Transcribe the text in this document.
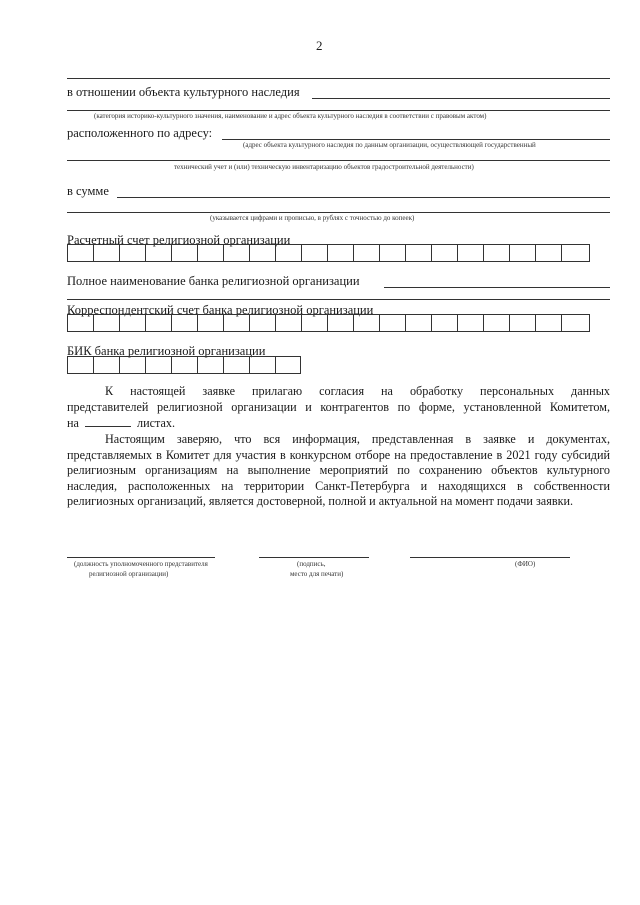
2
в отношении объекта культурного наследия
(категория историко-культурного значения, наименование и адрес объекта культурного наследия в соответствии с правовым актом)
расположенного по адресу:
(адрес объекта культурного наследия по данным организации, осуществляющей государственный
технический учет и (или) техническую инвентаризацию объектов градостроительной деятельности)
в сумме
(указывается цифрами и прописью, в рублях с точностью до копеек)
Расчетный счет религиозной организации
Полное наименование банка религиозной организации
Корреспондентский счет банка религиозной организации
БИК банка религиозной организации
К настоящей заявке прилагаю согласия на обработку персональных данных
представителей религиозной организации и контрагентов по форме, установленной Комитетом,
на	листах.
Настоящим заверяю, что вся информация, представленная в заявке и документах, представляемых в Комитет для участия в конкурсном отборе на предоставление в 2021 году субсидий религиозным организациям на выполнение мероприятий по сохранению объектов культурного наследия, расположенных на территории Санкт-Петербурга и находящихся в собственности религиозных организаций, является достоверной, полной и актуальной на момент подачи заявки.
(должность уполномоченного представителя
религиозной организации)
(подпись,
место для печати)
(ФИО)
